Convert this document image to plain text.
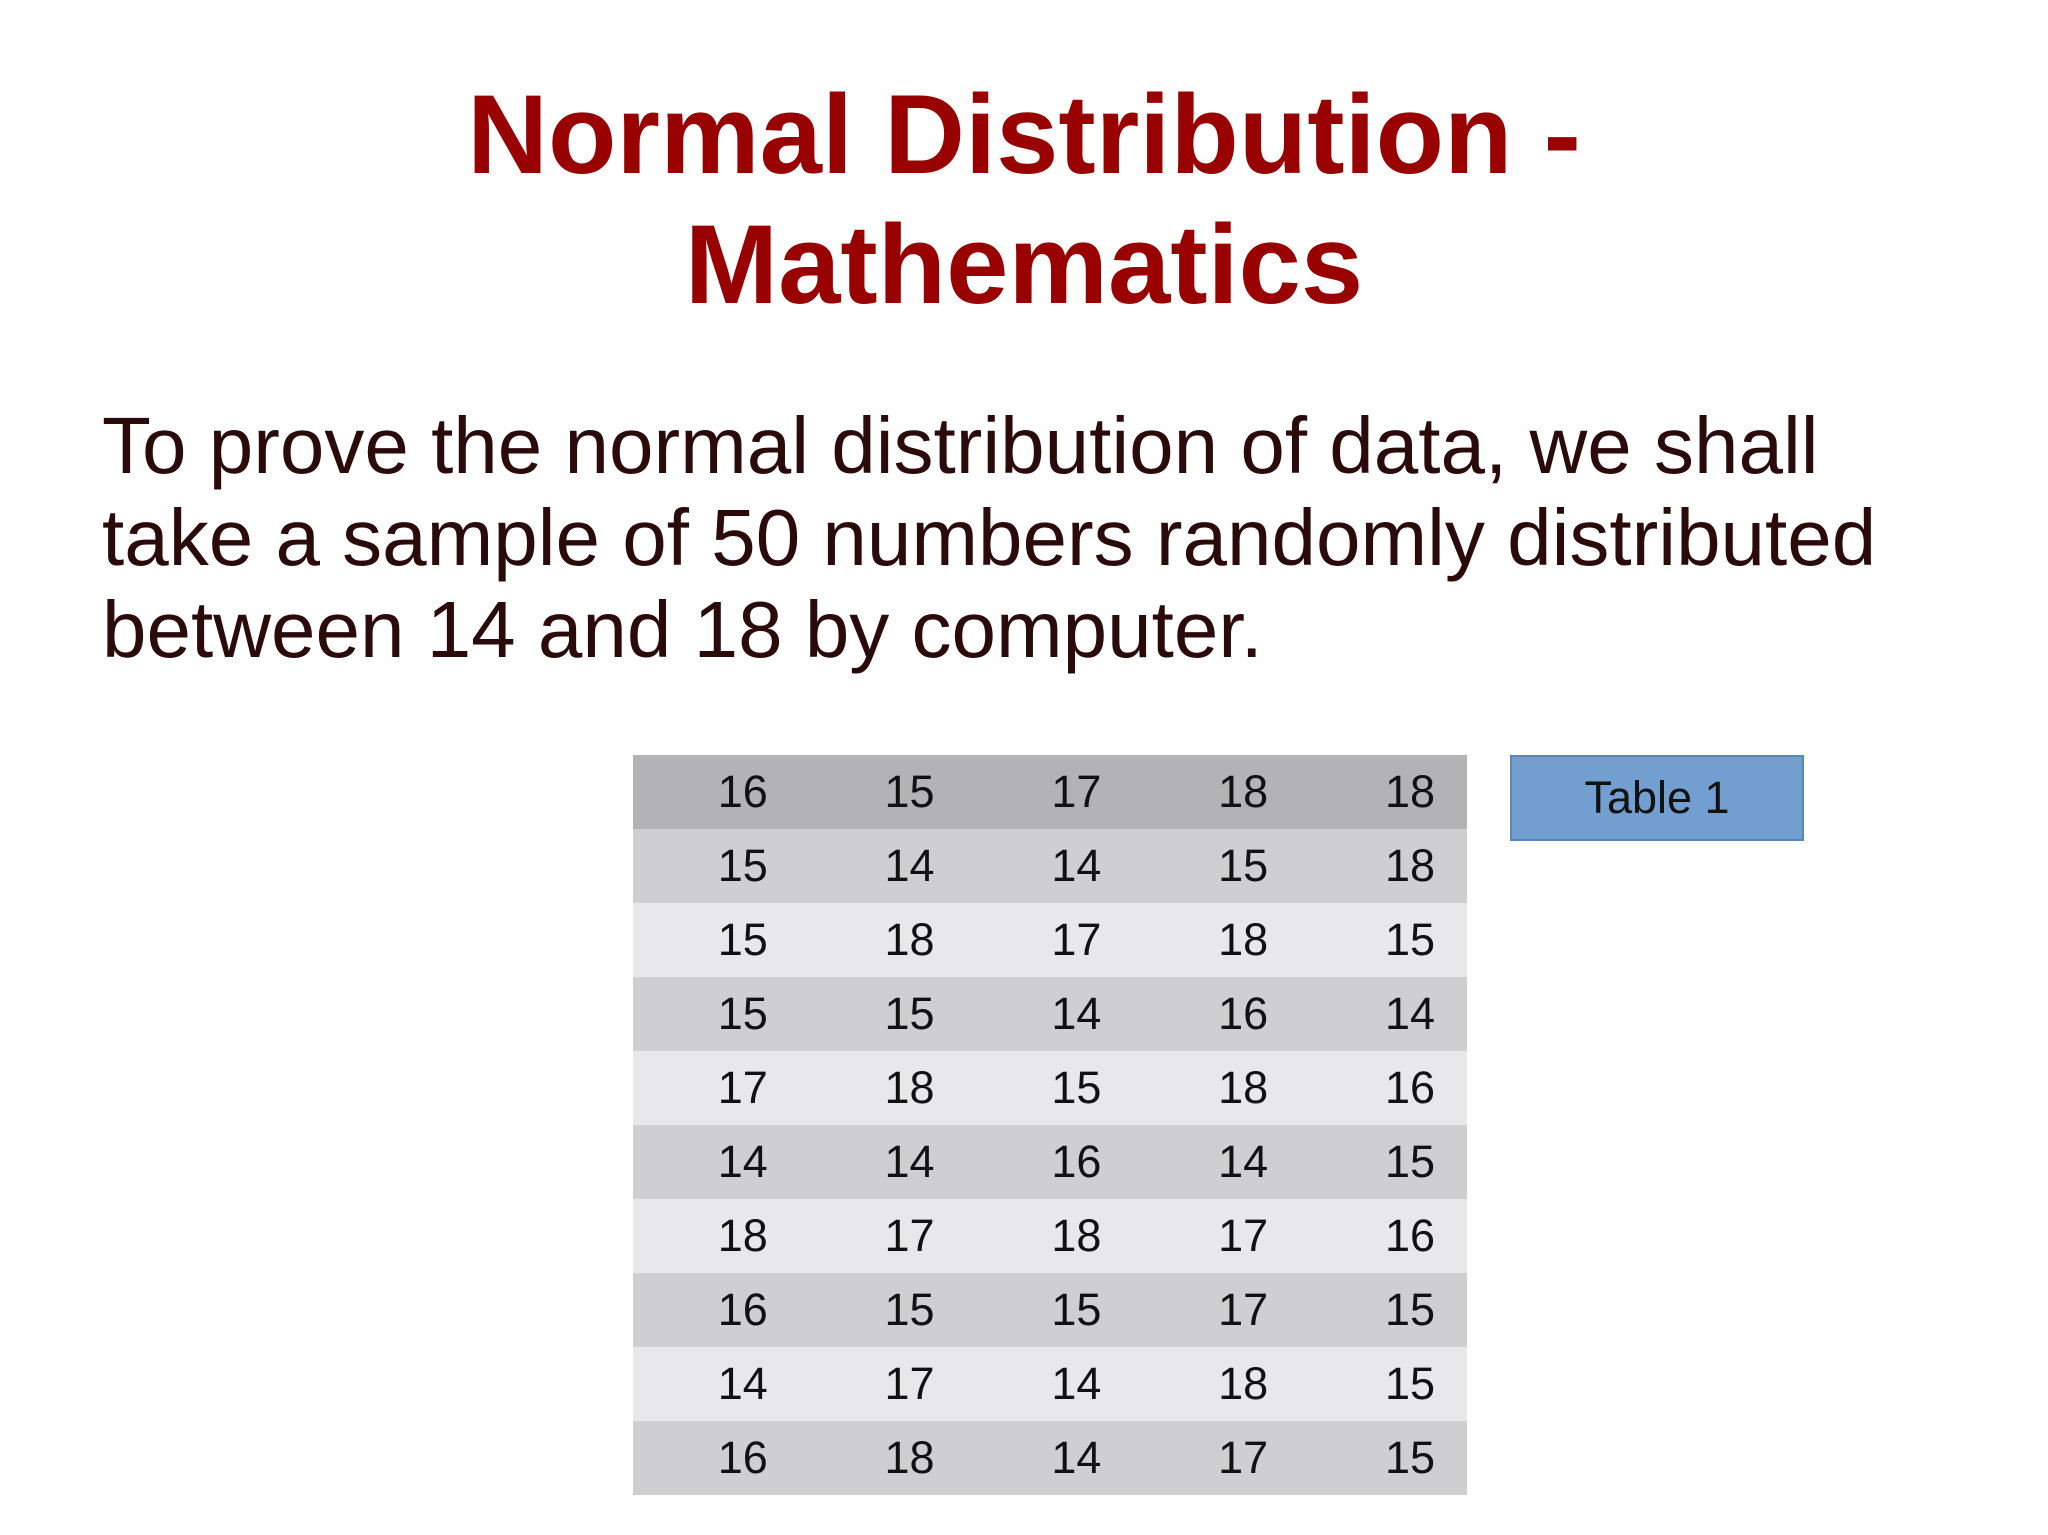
Normal Distribution -
Mathematics

To prove the normal distribution of data, we shall
take a sample of 50 numbers randomly distributed
between 14 and 18 by computer.

16	15	17	18	18
15	14	14	15	18
15	18	17	18	15
15	15	14	16	14
17	18	15	18	16
14	14	16	14	15
18	17	18	17	16
16	15	15	17	15
14	17	14	18	15
16	18	14	17	15
Table 1
